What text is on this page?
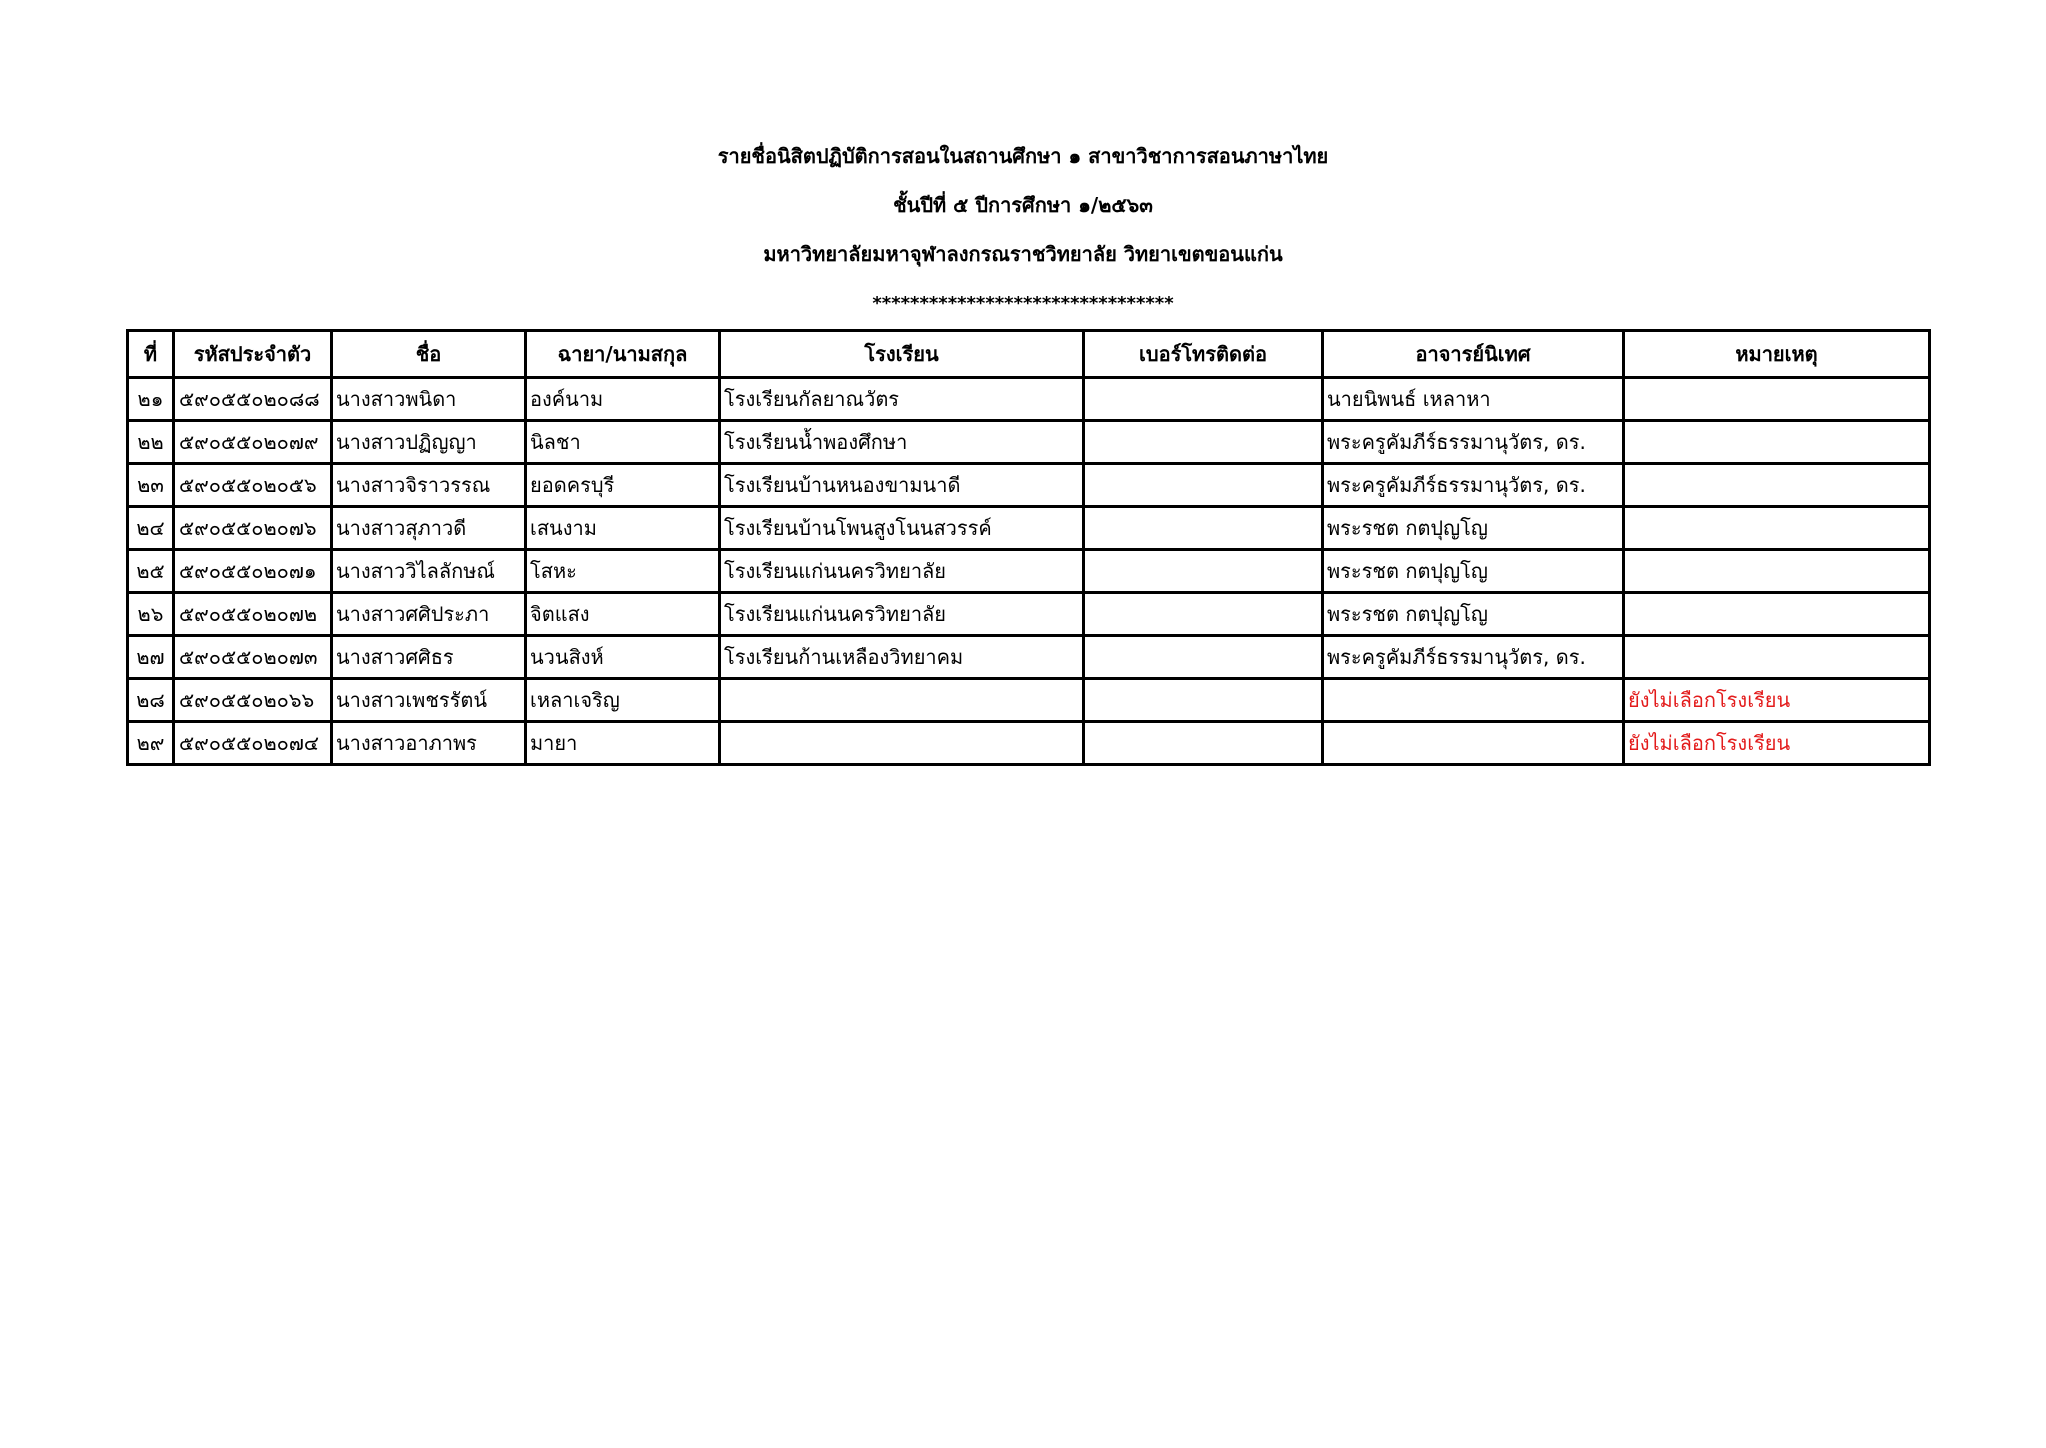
รายชื่อนิสิตปฏิบัติการสอนในสถานศึกษา ๑ สาขาวิชาการสอนภาษาไทย
ชั้นปีที่ ๕ ปีการศึกษา ๑/๒๕๖๓
มหาวิทยาลัยมหาจุฬาลงกรณราชวิทยาลัย วิทยาเขตขอนแก่น
********************************
ที่	รหัสประจำตัว	ชื่อ	ฉายา/นามสกุล	โรงเรียน	เบอร์โทรติดต่อ	อาจารย์นิเทศ	หมายเหตุ
๒๑	๕๙๐๕๕๐๒๐๘๘	นางสาวพนิดา	องค์นาม	โรงเรียนกัลยาณวัตร		นายนิพนธ์ เหลาหา	
๒๒	๕๙๐๕๕๐๒๐๗๙	นางสาวปฏิญญา	นิลชา	โรงเรียนน้ำพองศึกษา		พระครูคัมภีร์ธรรมานุวัตร, ดร.	
๒๓	๕๙๐๕๕๐๒๐๕๖	นางสาวจิราวรรณ	ยอดครบุรี	โรงเรียนบ้านหนองขามนาดี		พระครูคัมภีร์ธรรมานุวัตร, ดร.	
๒๔	๕๙๐๕๕๐๒๐๗๖	นางสาวสุภาวดี	เสนงาม	โรงเรียนบ้านโพนสูงโนนสวรรค์		พระรชต กตปุญโญ	
๒๕	๕๙๐๕๕๐๒๐๗๑	นางสาววิไลลักษณ์	โสหะ	โรงเรียนแก่นนครวิทยาลัย		พระรชต กตปุญโญ	
๒๖	๕๙๐๕๕๐๒๐๗๒	นางสาวศศิประภา	จิตแสง	โรงเรียนแก่นนครวิทยาลัย		พระรชต กตปุญโญ	
๒๗	๕๙๐๕๕๐๒๐๗๓	นางสาวศศิธร	นวนสิงห์	โรงเรียนก้านเหลืองวิทยาคม		พระครูคัมภีร์ธรรมานุวัตร, ดร.	
๒๘	๕๙๐๕๕๐๒๐๖๖	นางสาวเพชรรัตน์	เหลาเจริญ				ยังไม่เลือกโรงเรียน
๒๙	๕๙๐๕๕๐๒๐๗๔	นางสาวอาภาพร	มายา				ยังไม่เลือกโรงเรียน
